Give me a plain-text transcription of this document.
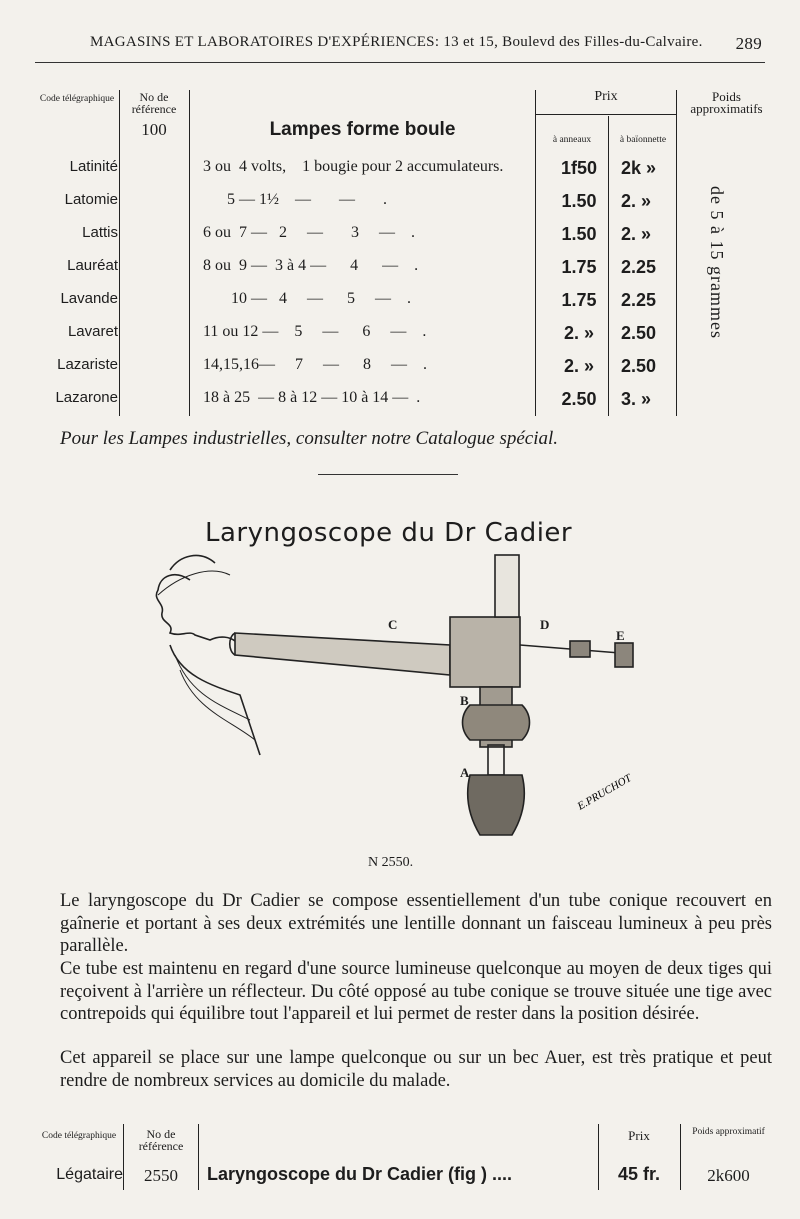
MAGASINS ET LABORATOIRES D'EXPÉRIENCES: 13 et 15, Boulevd des Filles-du-Calvaire. 289
Code télégraphique	No de référence
100	Lampes forme boule
Prix
à anneaux	à baïonnette
Poids approximatifs
de 5 à 15 grammes
Latinité	3 ou  4 volts,    1 bougie pour 2 accumulateurs.	1f50	2k »
Latomie	5 — 1½    —       —       .	1.50	2. »
Lattis	6 ou  7 —   2     —       3     —    .	1.50	2. »
Lauréat	8 ou  9 —  3 à 4 —      4      —    .	1.75	2.25
Lavande	10 —   4     —      5     —    .	1.75	2.25
Lavaret	11 ou 12 —    5     —      6     —    .	2. »	2.50
Lazariste	14,15,16—     7     —      8     —    .	2. »	2.50
Lazarone	18 à 25  — 8 à 12 — 10 à 14 —  .	2.50	3. »
Pour les Lampes industrielles, consulter notre Catalogue spécial.
Laryngoscope du Dr Cadier
C	D
E
B
A	E.PRUCHOT
N 2550.
Le laryngoscope du Dr Cadier se compose essentiellement d'un tube conique recouvert en gaînerie et portant à ses deux extrémités une lentille donnant un faisceau lumineux à peu près parallèle.
Ce tube est maintenu en regard d'une source lumineuse quelconque au moyen de deux tiges qui reçoivent à l'arrière un réflecteur. Du côté opposé au tube conique se trouve située une tige avec contrepoids qui équilibre tout l'appareil et lui permet de rester dans la position désirée.
Cet appareil se place sur une lampe quelconque ou sur un bec Auer, est très pratique et peut rendre de nombreux services au domicile du malade.
Code télégraphique	No de référence
Prix	Poids approximatif
Légataire	2550	Laryngoscope du Dr Cadier (fig ) ....	45 fr.	2k600
